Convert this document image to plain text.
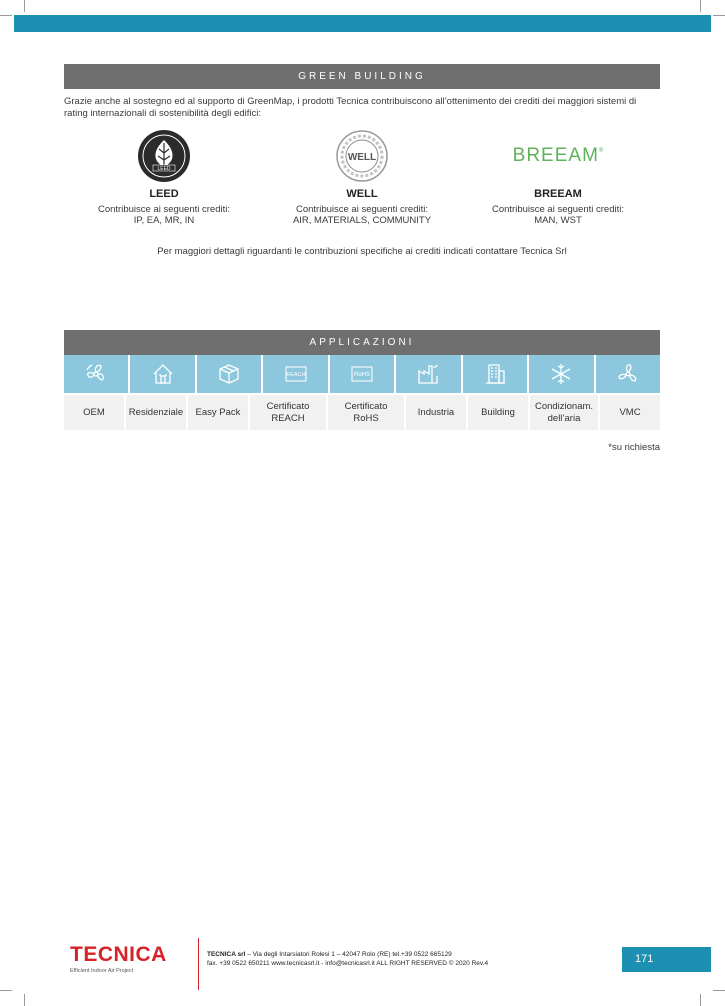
GREEN BUILDING
Grazie anche al sostegno ed al supporto di GreenMap, i prodotti Tecnica contribuiscono all’ottenimento dei crediti dei maggiori sistemi di rating internazionali di sostenibilità degli edifici:
LEED
LEED
Contribuisce ai seguenti crediti:
IP, EA, MR, IN
WELL
WELL
Contribuisce ai seguenti crediti:
AIR, MATERIALS, COMMUNITY
BREEAM ®
BREEAM
Contribuisce ai seguenti crediti:
MAN, WST
Per maggiori dettagli riguardanti le contribuzioni specifiche ai crediti indicati contattare Tecnica Srl
APPLICAZIONI
REACH	RoHS
OEM	Residenziale	Easy Pack
Certificato REACH
Certificato RoHS
Industria	Building
Condizionam. dell’aria
VMC
*su richiesta
TECNICA
Efficient Indoor Air Project
TECNICA srl – Via degli Intarsiatori Rolesi 1 – 42047 Rolo (RE) tel.+39 0522 665129
fax. +39 0522 650211 www.tecnicasrl.it - info@tecnicasrl.it ALL RIGHT RESERVED © 2020 Rev.4	171
